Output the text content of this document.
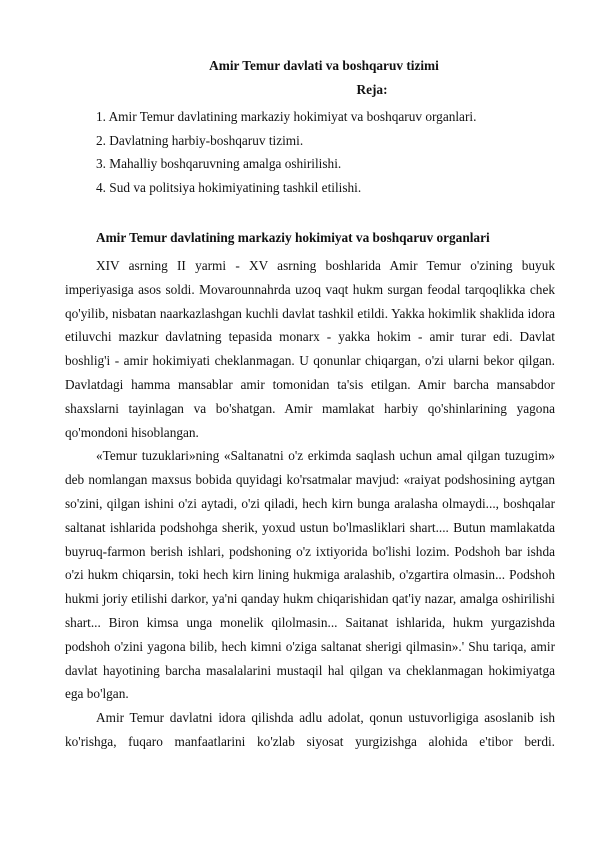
Amir Temur davlati va boshqaruv tizimi
Reja:
1. Amir Temur davlatining markaziy hokimiyat va boshqaruv organlari.
2. Davlatning harbiy-boshqaruv tizimi.
3. Mahalliy boshqaruvning amalga oshirilishi.
4. Sud va politsiya hokimiyatining tashkil etilishi.
Amir Temur davlatining markaziy hokimiyat va boshqaruv organlari

XIV asrning II yarmi - XV asrning boshlarida Amir Temur o'zining buyuk imperiyasiga asos soldi. Movarounnahrda uzoq vaqt hukm surgan feodal tarqoqlikka chek qo'yilib, nisbatan naarkazlashgan kuchli davlat tashkil etildi. Yakka hokimlik shaklida idora etiluvchi mazkur davlatning tepasida monarx - yakka hokim - amir turar edi. Davlat boshlig'i - amir hokimiyati cheklanmagan. U qonunlar chiqargan, o'zi ularni bekor qilgan. Davlatdagi hamma mansablar amir tomonidan ta'sis etilgan. Amir barcha mansabdor shaxslarni tayinlagan va bo'shatgan. Amir mamlakat harbiy qo'shinlarining yagona qo'mondoni hisoblangan.

«Temur tuzuklari»ning «Saltanatni o'z erkimda saqlash uchun amal qilgan tuzugim» deb nomlangan maxsus bobida quyidagi ko'rsatmalar mavjud: «raiyat podshosining aytgan so'zini, qilgan ishini o'zi aytadi, o'zi qiladi, hech kirn bunga aralasha olmaydi..., boshqalar saltanat ishlarida podshohga sherik, yoxud ustun bo'lmasliklari shart.... Butun mamlakatda buyruq-farmon berish ishlari, podshoning o'z ixtiyorida bo'lishi lozim. Podshoh bar ishda o'zi hukm chiqarsin, toki hech kirn lining hukmiga aralashib, o'zgartira olmasin... Podshoh hukmi joriy etilishi darkor, ya'ni qanday hukm chiqarishidan qat'iy nazar, amalga oshirilishi shart... Biron kimsa unga monelik qilolmasin... Saitanat ishlarida, hukm yurgazishda podshoh o'zini yagona bilib, hech kimni o'ziga saltanat sherigi qilmasin».' Shu tariqa, amir davlat hayotining barcha masalalarini mustaqil hal qilgan va cheklanmagan hokimiyatga ega bo'lgan.

Amir Temur davlatni idora qilishda adlu adolat, qonun ustuvorligiga asoslanib ish ko'rishga, fuqaro manfaatlarini ko'zlab siyosat yurgizishga alohida e'tibor berdi.
